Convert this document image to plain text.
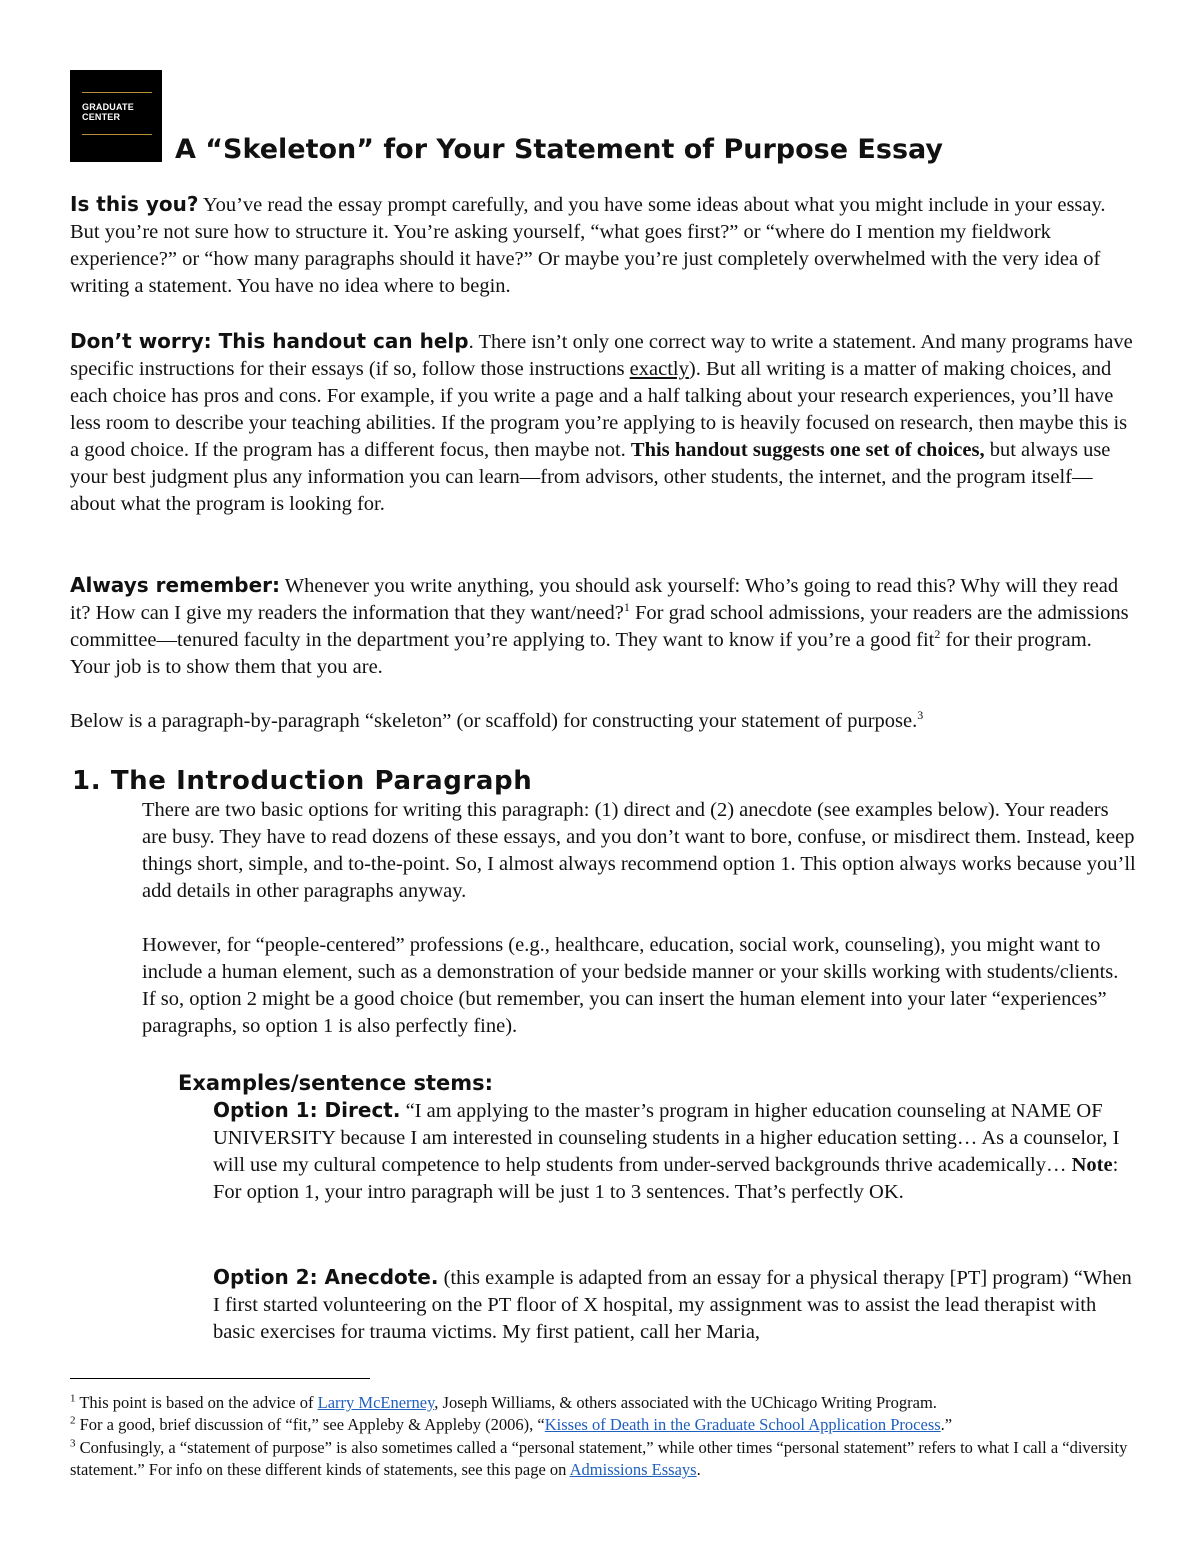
GRADUATE
CENTER
A “Skeleton” for Your Statement of Purpose Essay

Is this you? You’ve read the essay prompt carefully, and you have some ideas about what you might include in your essay. But you’re not sure how to structure it. You’re asking yourself, “what goes first?” or “where do I mention my fieldwork experience?” or “how many paragraphs should it have?” Or maybe you’re just completely overwhelmed with the very idea of writing a statement. You have no idea where to begin.

Don’t worry: This handout can help. There isn’t only one correct way to write a statement. And many programs have specific instructions for their essays (if so, follow those instructions exactly). But all writing is a matter of making choices, and each choice has pros and cons. For example, if you write a page and a half talking about your research experiences, you’ll have less room to describe your teaching abilities. If the program you’re applying to is heavily focused on research, then maybe this is a good choice. If the program has a different focus, then maybe not. This handout suggests one set of choices, but always use your best judgment plus any information you can learn—from advisors, other students, the internet, and the program itself—about what the program is looking for.

Always remember: Whenever you write anything, you should ask yourself: Who’s going to read this? Why will they read it? How can I give my readers the information that they want/need?$^1$ For grad school admissions, your readers are the admissions committee—tenured faculty in the department you’re applying to. They want to know if you’re a good fit$^2$ for their program. Your job is to show them that you are.

Below is a paragraph-by-paragraph “skeleton” (or scaffold) for constructing your statement of purpose.$^3$

1. The Introduction Paragraph

There are two basic options for writing this paragraph: (1) direct and (2) anecdote (see examples below). Your readers are busy. They have to read dozens of these essays, and you don’t want to bore, confuse, or misdirect them. Instead, keep things short, simple, and to-the-point. So, I almost always recommend option 1. This option always works because you’ll add details in other paragraphs anyway.

However, for “people-centered” professions (e.g., healthcare, education, social work, counseling), you might want to include a human element, such as a demonstration of your bedside manner or your skills working with students/clients. If so, option 2 might be a good choice (but remember, you can insert the human element into your later “experiences” paragraphs, so option 1 is also perfectly fine).

Examples/sentence stems:

Option 1: Direct. “I am applying to the master’s program in higher education counseling at NAME OF UNIVERSITY because I am interested in counseling students in a higher education setting… As a counselor, I will use my cultural competence to help students from under-served backgrounds thrive academically… Note: For option 1, your intro paragraph will be just 1 to 3 sentences. That’s perfectly OK.

Option 2: Anecdote. (this example is adapted from an essay for a physical therapy [PT] program) “When I first started volunteering on the PT floor of X hospital, my assignment was to assist the lead therapist with basic exercises for trauma victims. My first patient, call her Maria,

$^1$ This point is based on the advice of Larry McEnerney, Joseph Williams, & others associated with the UChicago Writing Program.

$^2$ For a good, brief discussion of “fit,” see Appleby & Appleby (2006), “Kisses of Death in the Graduate School Application Process.”

$^3$ Confusingly, a “statement of purpose” is also sometimes called a “personal statement,” while other times “personal statement” refers to what I call a “diversity statement.” For info on these different kinds of statements, see this page on Admissions Essays.
